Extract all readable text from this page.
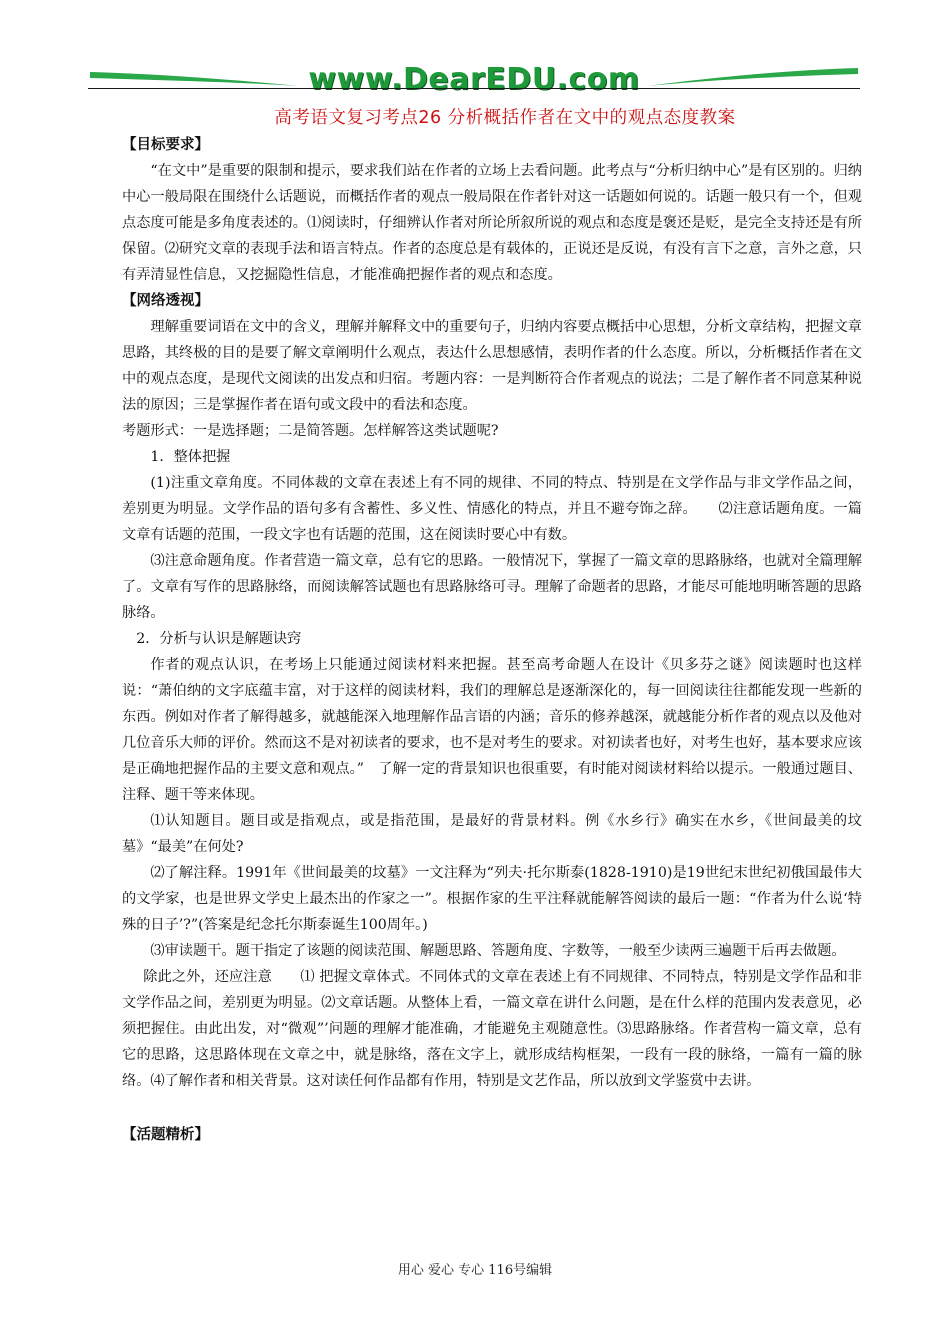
www.DearEDU.com
高考语文复习考点26 分析概括作者在文中的观点态度教案

【目标要求】

“在文中”是重要的限制和提示，要求我们站在作者的立场上去看问题。此考点与“分析归纳中心”是有区别的。归纳中心一般局限在围绕什么话题说，而概括作者的观点一般局限在作者针对这一话题如何说的。话题一般只有一个，但观点态度可能是多角度表述的。⑴阅读时，仔细辨认作者对所论所叙所说的观点和态度是褒还是贬，是完全支持还是有所保留。⑵研究文章的表现手法和语言特点。作者的态度总是有载体的，正说还是反说，有没有言下之意，言外之意，只有弄清显性信息，又挖掘隐性信息，才能准确把握作者的观点和态度。

【网络透视】

理解重要词语在文中的含义，理解并解释文中的重要句子，归纳内容要点概括中心思想，分析文章结构，把握文章思路，其终极的目的是要了解文章阐明什么观点，表达什么思想感情，表明作者的什么态度。所以，分析概括作者在文中的观点态度，是现代文阅读的出发点和归宿。考题内容：一是判断符合作者观点的说法；二是了解作者不同意某种说法的原因；三是掌握作者在语句或文段中的看法和态度。

考题形式：一是选择题；二是简答题。怎样解答这类试题呢?

1．整体把握

(1)注重文章角度。不同体裁的文章在表述上有不同的规律、不同的特点、特别是在文学作品与非文学作品之间，差别更为明显。文学作品的语句多有含蓄性、多义性、情感化的特点，并且不避夸饰之辞。　　⑵注意话题角度。一篇文章有话题的范围，一段文字也有话题的范围，这在阅读时要心中有数。

⑶注意命题角度。作者营造一篇文章，总有它的思路。一般情况下，掌握了一篇文章的思路脉络，也就对全篇理解了。文章有写作的思路脉络，而阅读解答试题也有思路脉络可寻。理解了命题者的思路，才能尽可能地明晰答题的思路脉络。

2．分析与认识是解题诀窍

作者的观点认识，在考场上只能通过阅读材料来把握。甚至高考命题人在设计《贝多芬之谜》阅读题时也这样说：“萧伯纳的文字底蕴丰富，对于这样的阅读材料，我们的理解总是逐渐深化的，每一回阅读往往都能发现一些新的东西。例如对作者了解得越多，就越能深入地理解作品言语的内涵；音乐的修养越深，就越能分析作者的观点以及他对几位音乐大师的评价。然而这不是对初读者的要求，也不是对考生的要求。对初读者也好，对考生也好，基本要求应该是正确地把握作品的主要文意和观点。”　了解一定的背景知识也很重要，有时能对阅读材料给以提示。一般通过题目、注释、题干等来体现。

⑴认知题目。题目或是指观点，或是指范围，是最好的背景材料。例《水乡行》确实在水乡，《世间最美的坟墓》“最美”在何处?

⑵了解注释。1991年《世间最美的坟墓》一文注释为“列夫·托尔斯泰(1828-1910)是19世纪末世纪初俄国最伟大的文学家，也是世界文学史上最杰出的作家之一”。根据作家的生平注释就能解答阅读的最后一题：“作者为什么说‘特殊的日子’?”(答案是纪念托尔斯泰诞生100周年。)

⑶审读题干。题干指定了该题的阅读范围、解题思路、答题角度、字数等，一般至少读两三遍题干后再去做题。

除此之外，还应注意　　⑴ 把握文章体式。不同体式的文章在表述上有不同规律、不同特点，特别是文学作品和非文学作品之间，差别更为明显。⑵文章话题。从整体上看，一篇文章在讲什么问题，是在什么样的范围内发表意见，必须把握住。由此出发，对“微观”’问题的理解才能准确，才能避免主观随意性。⑶思路脉络。作者营构一篇文章，总有它的思路，这思路体现在文章之中，就是脉络，落在文字上，就形成结构框架，一段有一段的脉络，一篇有一篇的脉络。⑷了解作者和相关背景。这对读任何作品都有作用，特别是文艺作品，所以放到文学鉴赏中去讲。

【活题精析】

用心 爱心 专心 116号编辑
